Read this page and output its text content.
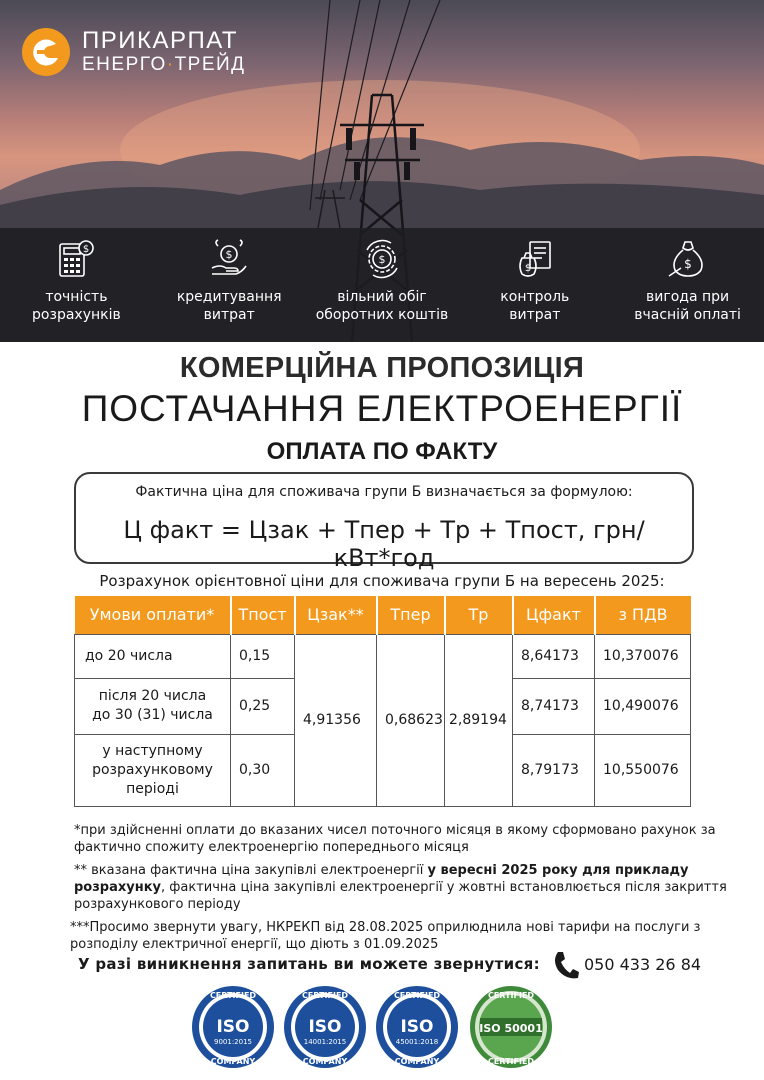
ПРИКАРПАТ
ЕНЕРГО·ТРЕЙД
$
точність
розрахунків
$
кредитування
витрат
$
вільний обіг
оборотних коштів
$
контроль
витрат
$
вигода при
вчасній оплаті
КОМЕРЦІЙНА ПРОПОЗИЦІЯ
ПОСТАЧАННЯ ЕЛЕКТРОЕНЕРГІЇ
ОПЛАТА ПО ФАКТУ
Фактична ціна для споживача групи Б визначається за формулою:
Ц факт = Цзак + Тпер + Тр + Тпост, грн/кВт*год
Розрахунок орієнтовної ціни для споживача групи Б на вересень 2025:
Умови оплати*	Тпост	Цзак**	Тпер	Тр	Цфакт	з ПДВ
до 20 числа	0,15	4,91356	0,68623	2,89194	8,64173	10,370076
після 20 числа
до 30 (31) числа	0,25				8,74173	10,490076
у наступному
розрахунковому
періоді	0,30				8,79173	10,550076

*при здійсненні оплати до вказаних чисел поточного місяця в якому сформовано рахунок за фактично спожиту електроенергію попереднього місяця

** вказана фактична ціна закупівлі електроенергії у вересні 2025 року для прикладу розрахунку, фактична ціна закупівлі електроенергії у жовтні встановлюється після закриття розрахункового періоду

***Просимо звернути увагу, НКРЕКП від 28.08.2025 оприлюднила нові тарифи на послуги з розподілу електричної енергії, що діють з 01.09.2025

У разі виникнення запитань ви можете звернутися:	050 433 26 84
CERTIFIED
ISO
9001:2015
COMPANY
CERTIFIED
ISO
14001:2015
COMPANY
CERTIFIED
ISO
45001:2018
COMPANY
CERTIFIED
ISO 50001
CERTIFIED
